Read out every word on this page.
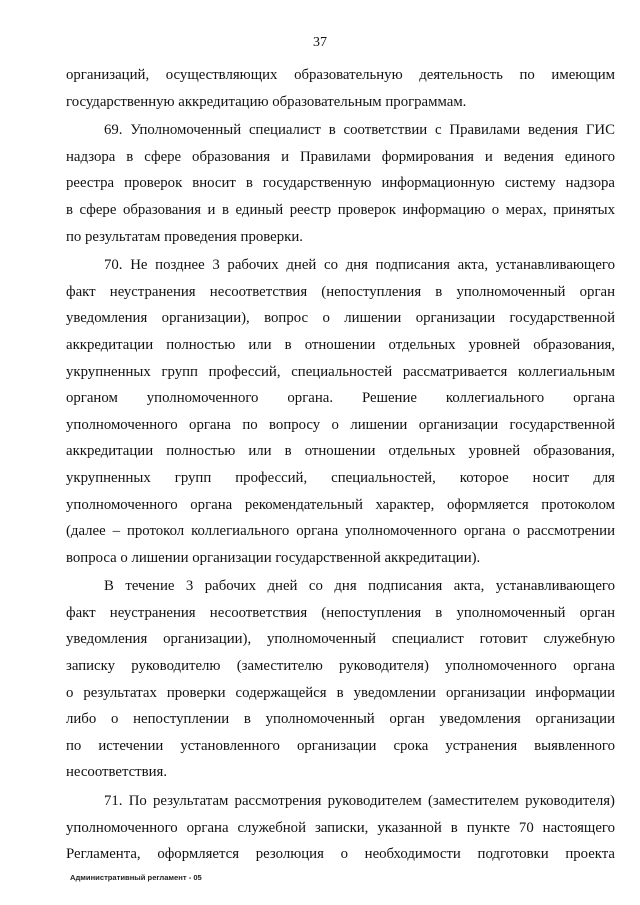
37

организаций, осуществляющих образовательную деятельность по имеющим

государственную аккредитацию образовательным программам.

69. Уполномоченный специалист в соответствии с Правилами ведения ГИС

надзора в сфере образования и Правилами формирования и ведения единого

реестра проверок вносит в государственную информационную систему надзора

в сфере образования и в единый реестр проверок информацию о мерах, принятых

по результатам проведения проверки.

70. Не позднее 3 рабочих дней со дня подписания акта, устанавливающего

факт неустранения несоответствия (непоступления в уполномоченный орган

уведомления организации), вопрос о лишении организации государственной

аккредитации полностью или в отношении отдельных уровней образования,

укрупненных групп профессий, специальностей рассматривается коллегиальным

органом уполномоченного органа. Решение коллегиального органа

уполномоченного органа по вопросу о лишении организации государственной

аккредитации полностью или в отношении отдельных уровней образования,

укрупненных групп профессий, специальностей, которое носит для

уполномоченного органа рекомендательный характер, оформляется протоколом

(далее – протокол коллегиального органа уполномоченного органа о рассмотрении

вопроса о лишении организации государственной аккредитации).

В течение 3 рабочих дней со дня подписания акта, устанавливающего

факт неустранения несоответствия (непоступления в уполномоченный орган

уведомления организации), уполномоченный специалист готовит служебную

записку руководителю (заместителю руководителя) уполномоченного органа

о результатах проверки содержащейся в уведомлении организации информации

либо о непоступлении в уполномоченный орган уведомления организации

по истечении установленного организации срока устранения выявленного

несоответствия.

71. По результатам рассмотрения руководителем (заместителем руководителя)

уполномоченного органа служебной записки, указанной в пункте 70 настоящего

Регламента, оформляется резолюция о необходимости подготовки проекта

Административный регламент - 05
